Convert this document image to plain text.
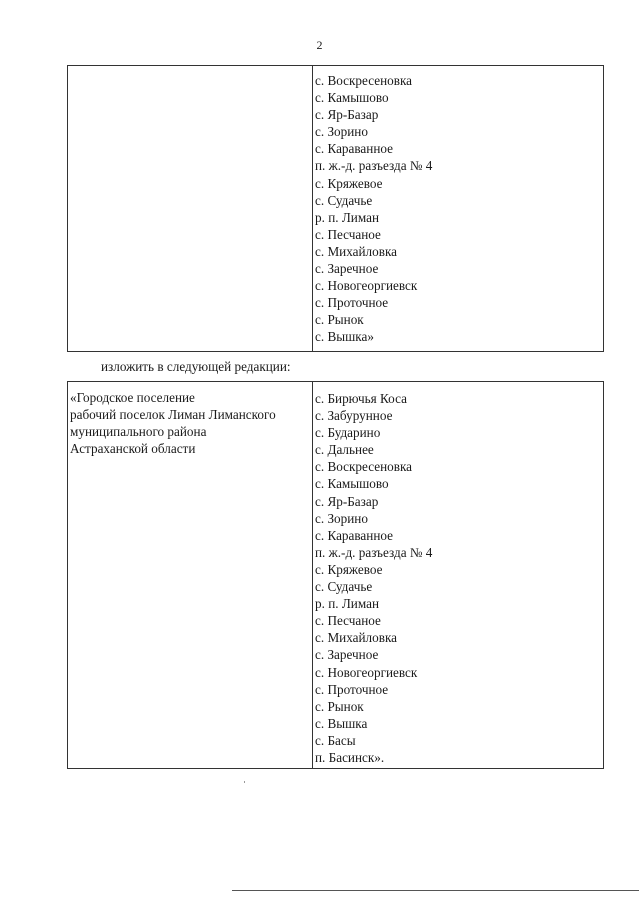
2
с. Воскресеновка
с. Камышово
с. Яр-Базар
с. Зорино
с. Караванное
п. ж.-д. разъезда № 4
с. Кряжевое
с. Судачье
р. п. Лиман
с. Песчаное
с. Михайловка
с. Заречное
с. Новогеоргиевск
с. Проточное
с. Рынок
с. Вышка»
изложить в следующей редакции:
«Городское поселение
рабочий поселок Лиман Лиманского
муниципального района
Астраханской области
с. Бирючья Коса
с. Забурунное
с. Бударино
с. Дальнее
с. Воскресеновка
с. Камышово
с. Яр-Базар
с. Зорино
с. Караванное
п. ж.-д. разъезда № 4
с. Кряжевое
с. Судачье
р. п. Лиман
с. Песчаное
с. Михайловка
с. Заречное
с. Новогеоргиевск
с. Проточное
с. Рынок
с. Вышка
с. Басы
п. Басинск».
